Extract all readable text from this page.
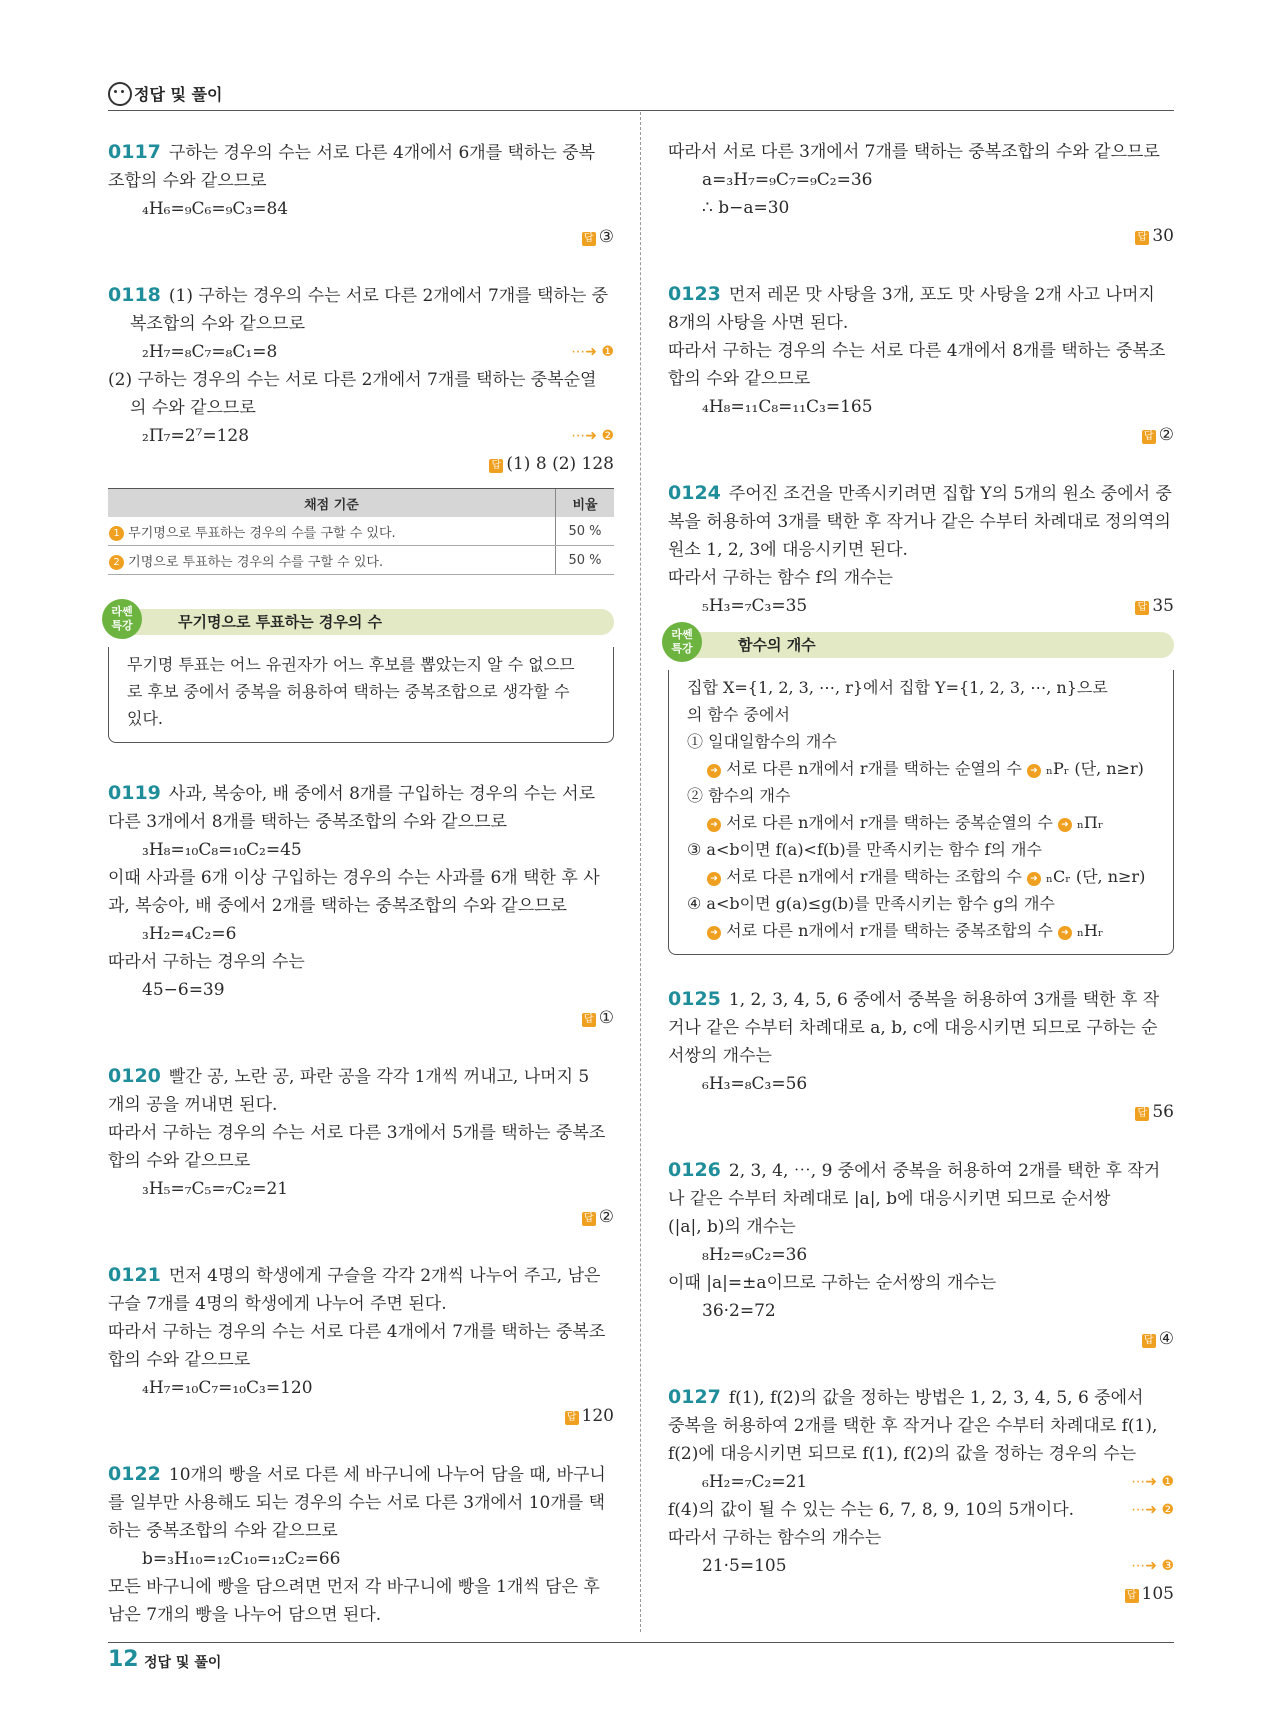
정답 및 풀이

0117 구하는 경우의 수는 서로 다른 4개에서 6개를 택하는 중복

조합의 수와 같으므로

₄H₆=₉C₆=₉C₃=84

답 ③

0118 (1) 구하는 경우의 수는 서로 다른 2개에서 7개를 택하는 중

복조합의 수와 같으므로

₂H₇=₈C₇=₈C₁=8	⋯➜ ❶

(2) 구하는 경우의 수는 서로 다른 2개에서 7개를 택하는 중복순열

의 수와 같으므로

₂Π₇=2⁷=128	⋯➜ ❷

답 (1) 8 (2) 128

채점 기준	비율
1 무기명으로 투표하는 경우의 수를 구할 수 있다.	50 %
2 기명으로 투표하는 경우의 수를 구할 수 있다.	50 %
라쎈
특강	무기명으로 투표하는 경우의 수

무기명 투표는 어느 유권자가 어느 후보를 뽑았는지 알 수 없으므

로 후보 중에서 중복을 허용하여 택하는 중복조합으로 생각할 수

있다.

0119 사과, 복숭아, 배 중에서 8개를 구입하는 경우의 수는 서로

다른 3개에서 8개를 택하는 중복조합의 수와 같으므로

₃H₈=₁₀C₈=₁₀C₂=45

이때 사과를 6개 이상 구입하는 경우의 수는 사과를 6개 택한 후 사

과, 복숭아, 배 중에서 2개를 택하는 중복조합의 수와 같으므로

₃H₂=₄C₂=6

따라서 구하는 경우의 수는

45−6=39

답 ①

0120 빨간 공, 노란 공, 파란 공을 각각 1개씩 꺼내고, 나머지 5

개의 공을 꺼내면 된다.

따라서 구하는 경우의 수는 서로 다른 3개에서 5개를 택하는 중복조

합의 수와 같으므로

₃H₅=₇C₅=₇C₂=21

답 ②

0121 먼저 4명의 학생에게 구슬을 각각 2개씩 나누어 주고, 남은

구슬 7개를 4명의 학생에게 나누어 주면 된다.

따라서 구하는 경우의 수는 서로 다른 4개에서 7개를 택하는 중복조

합의 수와 같으므로

₄H₇=₁₀C₇=₁₀C₃=120

답 120

0122 10개의 빵을 서로 다른 세 바구니에 나누어 담을 때, 바구니

를 일부만 사용해도 되는 경우의 수는 서로 다른 3개에서 10개를 택

하는 중복조합의 수와 같으므로

b=₃H₁₀=₁₂C₁₀=₁₂C₂=66

모든 바구니에 빵을 담으려면 먼저 각 바구니에 빵을 1개씩 담은 후

남은 7개의 빵을 나누어 담으면 된다.

따라서 서로 다른 3개에서 7개를 택하는 중복조합의 수와 같으므로

a=₃H₇=₉C₇=₉C₂=36

∴ b−a=30

답 30

0123 먼저 레몬 맛 사탕을 3개, 포도 맛 사탕을 2개 사고 나머지

8개의 사탕을 사면 된다.

따라서 구하는 경우의 수는 서로 다른 4개에서 8개를 택하는 중복조

합의 수와 같으므로

₄H₈=₁₁C₈=₁₁C₃=165

답 ②

0124 주어진 조건을 만족시키려면 집합 Y의 5개의 원소 중에서 중

복을 허용하여 3개를 택한 후 작거나 같은 수부터 차례대로 정의역의

원소 1, 2, 3에 대응시키면 된다.

따라서 구하는 함수 f의 개수는

₅H₃=₇C₃=35	답 35

라쎈
특강	함수의 개수

집합 X={1, 2, 3, ⋯, r}에서 집합 Y={1, 2, 3, ⋯, n}으로

의 함수 중에서

① 일대일함수의 개수

➜ 서로 다른 n개에서 r개를 택하는 순열의 수 ➜ ₙPᵣ (단, n≥r)

② 함수의 개수

➜ 서로 다른 n개에서 r개를 택하는 중복순열의 수 ➜ ₙΠᵣ

③ a<b이면 f(a)<f(b)를 만족시키는 함수 f의 개수

➜ 서로 다른 n개에서 r개를 택하는 조합의 수 ➜ ₙCᵣ (단, n≥r)

④ a<b이면 g(a)≤g(b)를 만족시키는 함수 g의 개수

➜ 서로 다른 n개에서 r개를 택하는 중복조합의 수 ➜ ₙHᵣ

0125 1, 2, 3, 4, 5, 6 중에서 중복을 허용하여 3개를 택한 후 작

거나 같은 수부터 차례대로 a, b, c에 대응시키면 되므로 구하는 순

서쌍의 개수는

₆H₃=₈C₃=56

답 56

0126 2, 3, 4, ⋯, 9 중에서 중복을 허용하여 2개를 택한 후 작거

나 같은 수부터 차례대로 |a|, b에 대응시키면 되므로 순서쌍

(|a|, b)의 개수는

₈H₂=₉C₂=36

이때 |a|=±a이므로 구하는 순서쌍의 개수는

36·2=72

답 ④

0127 f(1), f(2)의 값을 정하는 방법은 1, 2, 3, 4, 5, 6 중에서

중복을 허용하여 2개를 택한 후 작거나 같은 수부터 차례대로 f(1),

f(2)에 대응시키면 되므로 f(1), f(2)의 값을 정하는 경우의 수는

₆H₂=₇C₂=21	⋯➜ ❶

f(4)의 값이 될 수 있는 수는 6, 7, 8, 9, 10의 5개이다.	⋯➜ ❷

따라서 구하는 함수의 개수는

21·5=105	⋯➜ ❸

답 105

12 정답 및 풀이
